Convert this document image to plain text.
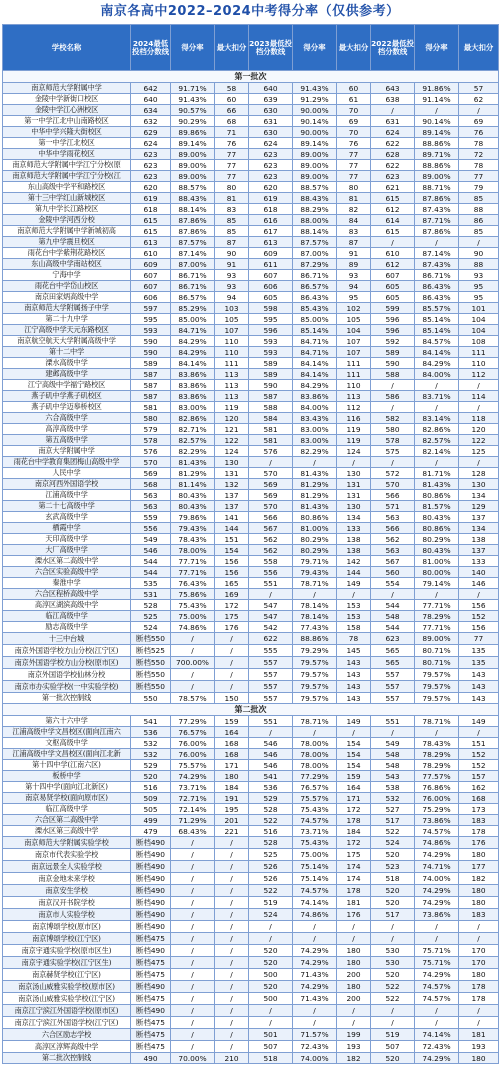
南京各高中2022–2024中考得分率（仅供参考）
学校名称	2024最低投档分数线	得分率	最大扣分	2023最低投档分数线	得分率	最大扣分	2022最低投档分数线	得分率	最大扣分
第一批次									
南京师范大学附属中学	642	91.71%	58	640	91.43%	60	643	91.86%	57
金陵中学新街口校区	640	91.43%	60	639	91.29%	61	638	91.14%	62
金陵中学江心洲校区	634	90.57%	66	630	90.00%	70	/	/	/
第一中学江北中山南路校区	632	90.29%	68	631	90.14%	69	631	90.14%	69
中华中学兴隆大街校区	629	89.86%	71	630	90.00%	70	624	89.14%	76
第一中学江北校区	624	89.14%	76	624	89.14%	76	622	88.86%	78
中华中学雨花校区	623	89.00%	77	623	89.00%	77	628	89.71%	72
南京师范大学附属中学江宁分校(原	623	89.00%	77	623	89.00%	77	622	88.86%	78
南京师范大学附属中学江宁分校(江	623	89.00%	77	623	89.00%	77	623	89.00%	77
东山高级中学平和路校区	620	88.57%	80	620	88.57%	80	621	88.71%	79
第十三中学红山新城校区	619	88.43%	81	619	88.43%	81	615	87.86%	85
第九中学长江路校区	618	88.14%	83	618	88.29%	82	612	87.43%	88
金陵中学河西分校	615	87.86%	85	616	88.00%	84	614	87.71%	86
南京师范大学附属中学新城初高	615	87.86%	85	617	88.14%	83	615	87.86%	85
第九中学震旦校区	613	87.57%	87	613	87.57%	87	/	/	/
雨花台中学紫荆花路校区	610	87.14%	90	609	87.00%	91	610	87.14%	90
东山高级中学南站校区	609	87.00%	91	611	87.29%	89	612	87.43%	88
宁海中学	607	86.71%	93	607	86.71%	93	607	86.71%	93
雨花台中学岱山校区	607	86.71%	93	606	86.57%	94	605	86.43%	95
南京田家炳高级中学	606	86.57%	94	605	86.43%	95	605	86.43%	95
南京师范大学附属扬子中学	597	85.29%	103	598	85.43%	102	599	85.57%	101
第二十九中学	595	85.00%	105	595	85.00%	105	596	85.14%	104
江宁高级中学天元东路校区	593	84.71%	107	596	85.14%	104	596	85.14%	104
南京航空航天大学附属高级中学	590	84.29%	110	593	84.71%	107	592	84.57%	108
第十二中学	590	84.29%	110	593	84.71%	107	589	84.14%	111
溧水高级中学	589	84.14%	111	589	84.14%	111	590	84.29%	110
建邺高级中学	587	83.86%	113	589	84.14%	111	588	84.00%	112
江宁高级中学福宁路校区	587	83.86%	113	590	84.29%	110	/	/	/
燕子矶中学燕子矶校区	587	83.86%	113	587	83.86%	113	586	83.71%	114
燕子矶中学迈皋桥校区	581	83.00%	119	588	84.00%	112	/	/	/
六合高级中学	580	82.86%	120	584	83.43%	116	582	83.14%	118
高淳高级中学	579	82.71%	121	581	83.00%	119	580	82.86%	120
第五高级中学	578	82.57%	122	581	83.00%	119	578	82.57%	122
南京大学附属中学	576	82.29%	124	576	82.29%	124	575	82.14%	125
雨花台中学教育集团梅山高级中学	570	81.43%	130	/	/	/	/	/	/
人民中学	569	81.29%	131	570	81.43%	130	572	81.71%	128
南京河西外国语学校	568	81.14%	132	569	81.29%	131	570	81.43%	130
江浦高级中学	563	80.43%	137	569	81.29%	131	566	80.86%	134
第二十七高级中学	563	80.43%	137	570	81.43%	130	571	81.57%	129
玄武高级中学	559	79.86%	141	566	80.86%	134	563	80.43%	137
栖霞中学	556	79.43%	144	567	81.00%	133	566	80.86%	134
天印高级中学	549	78.43%	151	562	80.29%	138	562	80.29%	138
大厂高级中学	546	78.00%	154	562	80.29%	138	563	80.43%	137
溧水区第二高级中学	544	77.71%	156	558	79.71%	142	567	81.00%	133
六合区实验高级中学	544	77.71%	156	556	79.43%	144	560	80.00%	140
秦淮中学	535	76.43%	165	551	78.71%	149	554	79.14%	146
六合区程桥高级中学	531	75.86%	169	/	/	/	/	/	/
高淳区湖滨高级中学	528	75.43%	172	547	78.14%	153	544	77.71%	156
临江高级中学	525	75.00%	175	547	78.14%	153	548	78.29%	152
励志高级中学	524	74.86%	176	542	77.43%	158	544	77.71%	156
十三中台城	断档550	/	/	622	88.86%	78	623	89.00%	77
南京外国语学校方山分校(江宁区)	断档525	/	/	555	79.29%	145	565	80.71%	135
南京外国语学校方山分校(原市区)	断档550	700.00%	/	557	79.57%	143	565	80.71%	135
南京外国语学校仙林分校	断档550	/	/	557	79.57%	143	557	79.57%	143
南京市办实验学校(一中实验学校)	断档550	/	/	557	79.57%	143	557	79.57%	143
第一批次控制线	550	78.57%	150	557	79.57%	143	557	79.57%	143
第二批次									
第六十六中学	541	77.29%	159	551	78.71%	149	551	78.71%	149
江浦高级中学文昌校区(面向江南六	536	76.57%	164	/	/	/	/	/	/
文枢高级中学	532	76.00%	168	546	78.00%	154	549	78.43%	151
江浦高级中学文昌校区(面向江北新	532	76.00%	168	546	78.00%	154	548	78.29%	152
第十四中学(江南六区)	529	75.57%	171	546	78.00%	154	548	78.29%	152
板桥中学	520	74.29%	180	541	77.29%	159	543	77.57%	157
第十四中学(面向江北新区)	516	73.71%	184	536	76.57%	164	538	76.86%	162
南京易贤学校(面向原市区)	509	72.71%	191	529	75.57%	171	532	76.00%	168
临江高级中学	505	72.14%	195	528	75.43%	172	527	75.29%	173
六合区第二高级中学	499	71.29%	201	522	74.57%	178	517	73.86%	183
溧水区第三高级中学	479	68.43%	221	516	73.71%	184	522	74.57%	178
南京师范大学附属实验学校	断档490	/	/	528	75.43%	172	524	74.86%	176
南京市代表实验学校	断档490	/	/	525	75.00%	175	520	74.29%	180
南京远景全人实验学校	断档490	/	/	526	75.14%	174	523	74.71%	177
南京金地未来学校	断档490	/	/	526	75.14%	174	518	74.00%	182
南京安生学校	断档490	/	/	522	74.57%	178	520	74.29%	180
南京汉开书院学校	断档490	/	/	519	74.14%	181	520	74.29%	180
南京市人实验学校	断档490	/	/	524	74.86%	176	517	73.86%	183
南京博颂学校(原市区)	断档490	/	/	/	/	/	/	/	/
南京博颂学校(江宁区)	断档475	/	/	/	/	/	/	/	/
南京宇通实验学校(原市区生)	断档490	/	/	520	74.29%	180	530	75.71%	170
南京宇通实验学校(江宁区生)	断档475	/	/	520	74.29%	180	530	75.71%	170
南京赫贤学校(江宁区)	断档475	/	/	500	71.43%	200	520	74.29%	180
南京汤山威雅实验学校(原市区)	断档490	/	/	520	74.29%	180	522	74.57%	178
南京汤山威雅实验学校(江宁区)	断档475	/	/	500	71.43%	200	522	74.57%	178
南京江宁滨江外国语学校(原市区)	断档490	/	/	/	/	/	/	/	/
南京江宁滨江外国语学校(江宁区)	断档475	/	/	/	/	/	/	/	/
六合区励志学校	断档475	/	/	501	71.57%	199	519	74.14%	181
高淳区淳辉高级中学	断档475	/	/	507	72.43%	193	507	72.43%	193
第二批次控制线	490	70.00%	210	518	74.00%	182	520	74.29%	180
